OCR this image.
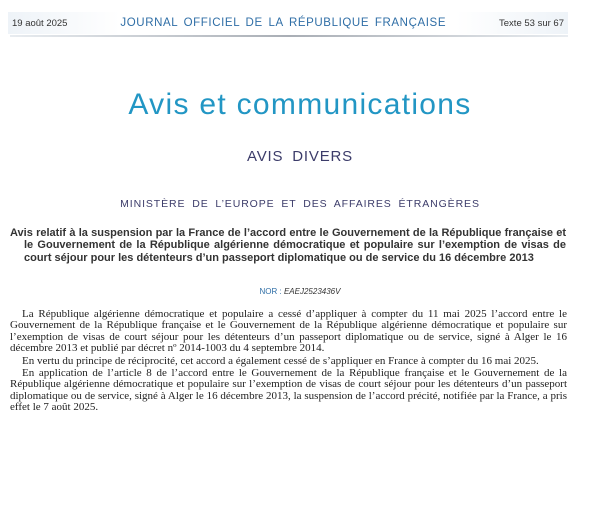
19 août 2025	JOURNAL OFFICIEL DE LA RÉPUBLIQUE FRANÇAISE	Texte 53 sur 67
Avis et communications
AVIS DIVERS
MINISTÈRE DE L’EUROPE ET DES AFFAIRES ÉTRANGÈRES
Avis relatif à la suspension par la France de l’accord entre le Gouvernement de la République française et le Gouvernement de la République algérienne démocratique et populaire sur l’exemption de visas de court séjour pour les détenteurs d’un passeport diplomatique ou de service du 16 décembre 2013
NOR : EAEJ2523436V

La République algérienne démocratique et populaire a cessé d’appliquer à compter du 11 mai 2025 l’accord entre le Gouvernement de la République française et le Gouvernement de la République algérienne démocratique et populaire sur l’exemption de visas de court séjour pour les détenteurs d’un passeport diplomatique ou de service, signé à Alger le 16 décembre 2013 et publié par décret nº 2014-1003 du 4 septembre 2014.

En vertu du principe de réciprocité, cet accord a également cessé de s’appliquer en France à compter du 16 mai 2025.

En application de l’article 8 de l’accord entre le Gouvernement de la République française et le Gouvernement de la République algérienne démocratique et populaire sur l’exemption de visas de court séjour pour les détenteurs d’un passeport diplomatique ou de service, signé à Alger le 16 décembre 2013, la suspension de l’accord précité, notifiée par la France, a pris effet le 7 août 2025.
